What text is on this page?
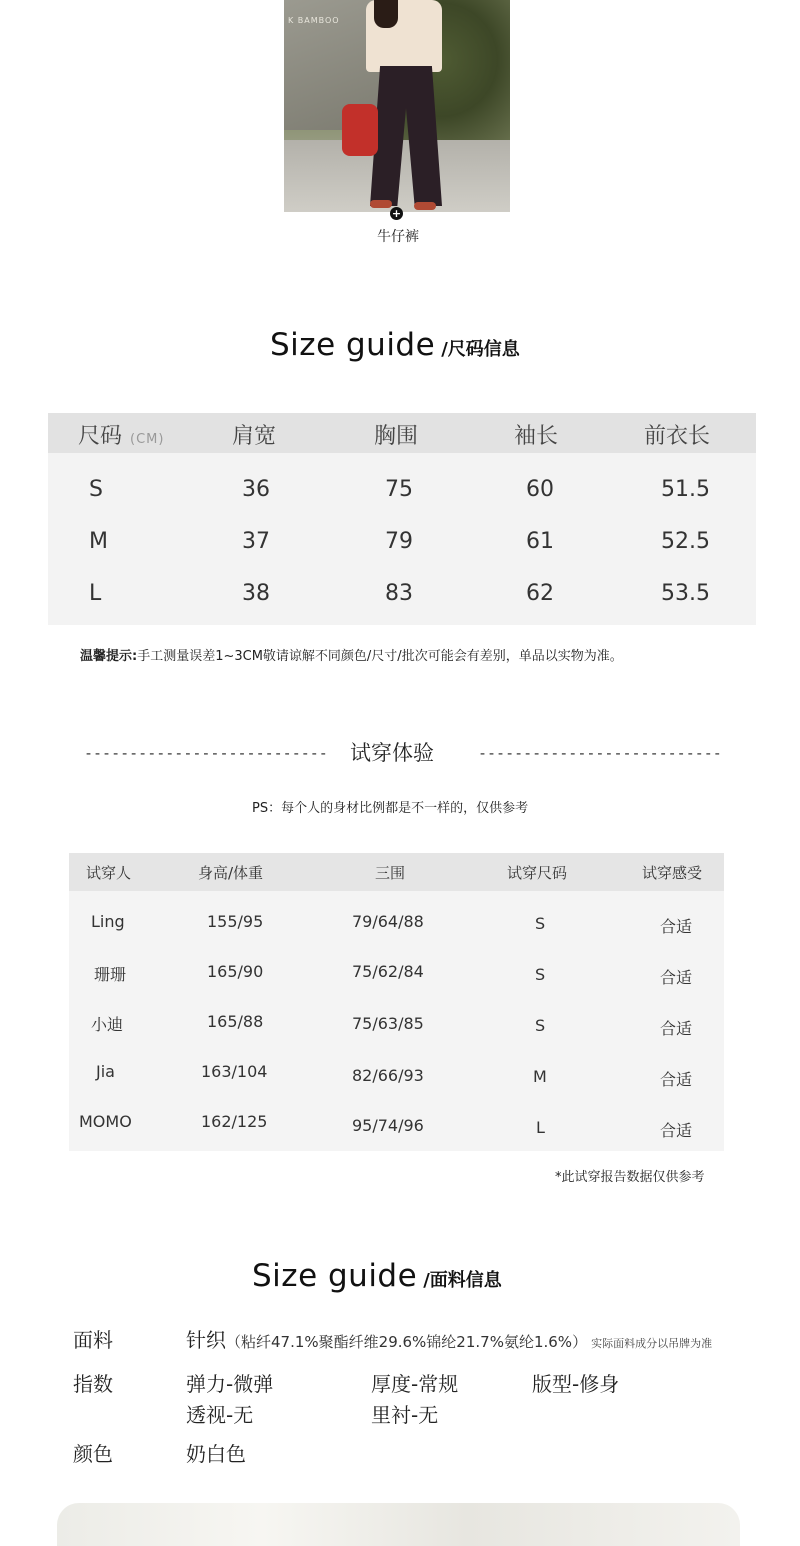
K BAMBOO
+
牛仔裤
Size guide /尺码信息
尺码 (CM)	肩宽	胸围	袖长	前衣长
S	36	75	60	51.5
M	37	79	61	52.5
L	38	83	62	53.5
温馨提示:手工测量误差1~3CM敬请谅解不同颜色/尺寸/批次可能会有差别，单品以实物为准。
--------------------------- 试穿体验	---------------------------
PS：每个人的身材比例都是不一样的，仅供参考
试穿人	身高/体重	三围	试穿尺码	试穿感受
Ling	155/95	79/64/88	S	合适
珊珊	165/90	75/62/84	S	合适
小迪	165/88	75/63/85	S	合适
Jia	163/104	82/66/93	M	合适
MOMO	162/125	95/74/96	L	合适
*此试穿报告数据仅供参考
Size guide /面料信息
面料	针织（粘纤47.1%聚酯纤维29.6%锦纶21.7%氨纶1.6%） 实际面料成分以吊牌为准
指数	弹力-微弹	厚度-常规	版型-修身
透视-无	里衬-无
颜色	奶白色
